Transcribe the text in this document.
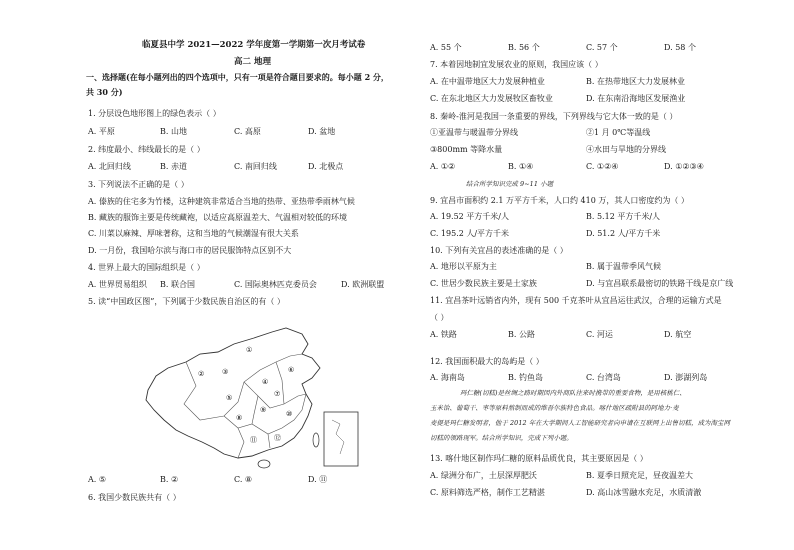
临夏县中学 2021—2022 学年度第一学期第一次月考试卷
高二 地理
一、选择题(在每小题列出的四个选项中，只有一项是符合题目要求的。每小题 2 分，
共 30 分)
1. 分层设色地形图上的绿色表示（ ）
A. 平原	B. 山地	C. 高原	D. 盆地
2. 纬度最小、纬线最长的是（ ）
A. 北回归线	B. 赤道	C. 南回归线	D. 北极点
3. 下列说法不正确的是（ ）
A. 傣族的住宅多为竹楼，这种建筑非常适合当地的热带、亚热带季雨林气候
B. 藏族的服饰主要是传统藏袍，以适应高原温差大、气温相对较低的环境
C. 川菜以麻辣、厚味著称，这和当地的气候潮湿有很大关系
D. 一月份，我国哈尔滨与海口市的居民服饰特点区别不大
4. 世界上最大的国际组织是（ ）
A. 世界贸易组织 B. 联合国	C. 国际奥林匹克委员会	D. 欧洲联盟
5. 读“中国政区图”，下列属于少数民族自治区的有（ ）
①
②	③
④
⑤
⑥
⑦
⑧
⑨	⑩
⑪ ⑫
A. ⑤	B. ②	C. ⑧	D. ⑪
6. 我国少数民族共有（ ）
A. 55 个	B. 56 个	C. 57 个	D. 58 个
7. 本着因地制宜发展农业的原则，我国应该（ ）
A. 在中温带地区大力发展种植业	B. 在热带地区大力发展林业
C. 在东北地区大力发展牧区畜牧业	D. 在东南沿海地区发展渔业
8. 秦岭-淮河是我国一条重要的界线，下列界线与它大体一致的是（ ）
①亚温带与暖温带分界线	②1 月 0℃等温线
③800mm 等降水量	④水田与旱地的分界线
A. ①②	B. ①④	C. ①②④	D. ①②③④
结合所学知识完成 9~11 小题
9. 宜昌市面积约 2.1 万平方千米，人口约 410 万，其人口密度约为（ ）
A. 19.52 平方千米/人	B. 5.12 平方千米/人
C. 195.2 人/平方千米	D. 51.2 人/平方千米
10. 下列有关宜昌的表述准确的是（ ）
A. 地形以平原为主	B. 属于温带季风气候
C. 世居少数民族主要是土家族	D. 与宜昌联系最密切的铁路干线是京广线
11. 宜昌茶叶远销省内外，现有 500 千克茶叶从宜昌运往武汉，合理的运输方式是
（ ）
A. 铁路	B. 公路	C. 河运	D. 航空
12. 我国面积最大的岛屿是（ ）
A. 海南岛	B. 钓鱼岛	C. 台湾岛	D. 澎湖列岛
玛仁糖(切糕)是丝绸之路时期因内外商队往来时携带的重要食物，是用核桃仁、
玉米饴、葡萄干、枣等原料熬制而成的维吾尔族特色食品。喀什地区疏附县的阿地力·麦
麦提是玛仁糖发明者，他于 2012 年在大学期间人工智能研究者向申请在互联网上出售切糕，成为淘宝网
切糕的领路现军。结合所学知识，完成下列小题。
13. 喀什地区制作玛仁糖的原料品质优良，其主要原因是（ ）
A. 绿洲分布广，土层深厚肥沃	B. 夏季日照充足，昼夜温差大
C. 原料筛选严格，制作工艺精湛	D. 高山冰雪融水充足，水质清澈
